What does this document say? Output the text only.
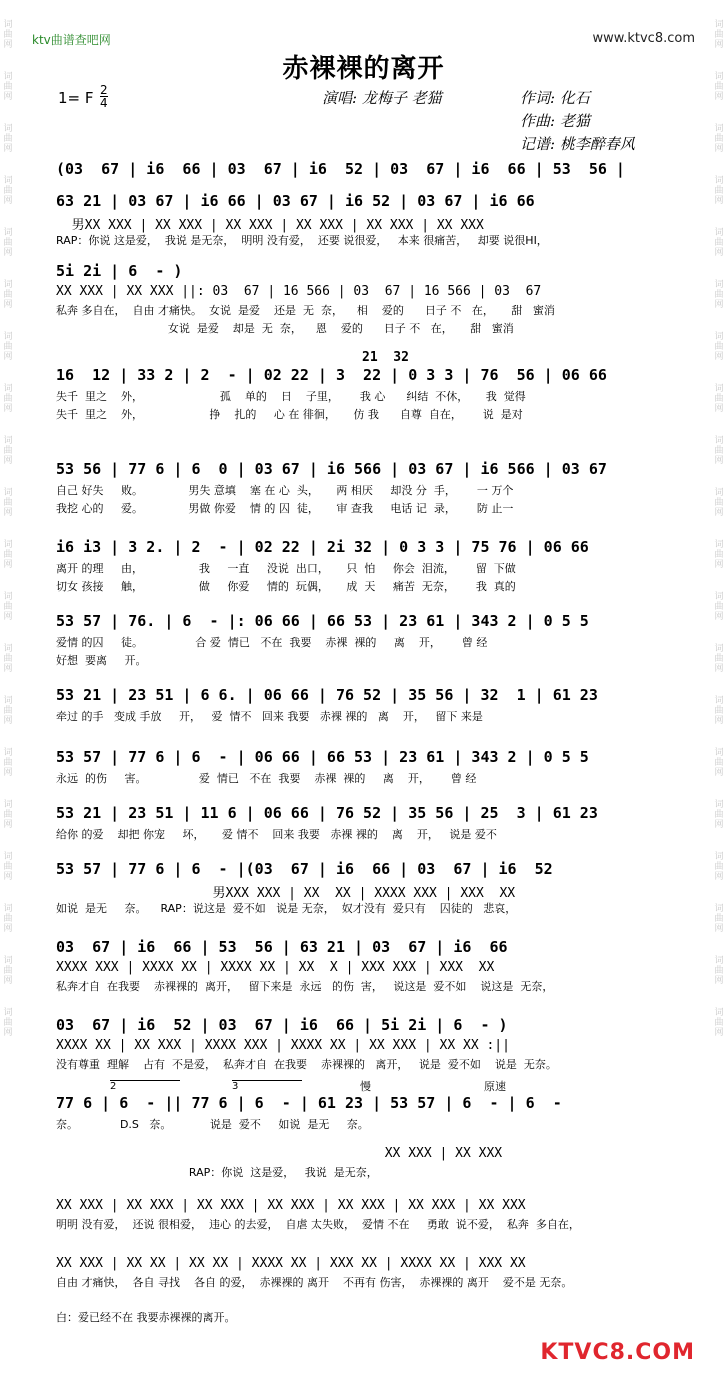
词曲网
词曲网
词曲网
词曲网
词曲网
词曲网
词曲网
词曲网
词曲网
词曲网
词曲网
词曲网
词曲网
词曲网
词曲网
词曲网
词曲网
词曲网
词曲网
词曲网
词曲网
词曲网
词曲网
词曲网
词曲网
词曲网
词曲网
词曲网
词曲网
词曲网
词曲网
词曲网
词曲网
词曲网
词曲网
词曲网
词曲网
词曲网
词曲网
词曲网
ktv曲谱查吧网	www.ktvc8.com
赤裸裸的离开
1= F 2
4	演唱: 龙梅子 老猫	作词: 化石
作曲: 老猫
记谱: 桃李醉春风
(03  67 | i6  66 | 03  67 | i6  52 | 03  67 | i6  66 | 53  56 |
63 21 | 03 67 | i6 66 | 03 67 | i6 52 | 03 67 | i6 66
男XX XXX | XX XXX | XX XXX | XX XXX | XX XXX | XX XXX
RAP：你说 这是爱，  我说 是无奈，  明明 没有爱，  还要 说很爱，   本来 很痛苦，   却要 说很HI，
5i 2i | 6  - )
XX XXX | XX XXX ||: 03  67 | 16 566 | 03  67 | 16 566 | 03  67
私奔 多自在，  自由 才痛快。  女说  是爱    还是  无  奈，    相    爱的      日子 不   在，     甜   蜜消
女说  是爱    却是  无  奈，    恩    爱的      日子 不   在，     甜   蜜消
21  32
16  12 | 33 2 | 2  - | 02 22 | 3  22 | 0 3 3 | 76  56 | 06 66
失千  里之    外，                      孤    单的    日    子里，      我 心      纠结  不休，     我  觉得
失千  里之    外，                   挣    扎的     心 在 徘徊，     仿 我      自尊  自在，      说  是对
53 56 | 77 6 | 6  0 | 03 67 | i6 566 | 03 67 | i6 566 | 03 67
自己 好失     败。             男失 意填    塞 在 心  头，     两 相厌     却没 分  手，      一 万个
我挖 心的     爱。             男做 你爱    情 的 囚  徒，     审 查我     电话 记  录，      防 止一
i6 i3 | 3 2. | 2  - | 02 22 | 2i 32 | 0 3 3 | 75 76 | 06 66
离开 的理     由，                我     一直     没说  出口，     只  怕     你会  泪流，      留  下做
切女 孩接     触，                做     你爱     情的  玩偶，     成  天     痛苦  无奈，      我  真的
53 57 | 76. | 6  - |: 06 66 | 66 53 | 23 61 | 343 2 | 0 5 5
爱情 的囚     徒。               合 爱  情已   不在  我要    赤裸  裸的     离    开，      曾 经
好想  要离     开。
53 21 | 23 51 | 6 6. | 06 66 | 76 52 | 35 56 | 32  1 | 61 23
牵过 的手   变成 手放     开，   爱  情不   回来 我要   赤裸 裸的   离    开，   留下 来是
53 57 | 77 6 | 6  - | 06 66 | 66 53 | 23 61 | 343 2 | 0 5 5
永远  的伤     害。               爱  情已   不在  我要    赤裸  裸的     离    开，      曾 经
53 21 | 23 51 | 11 6 | 06 66 | 76 52 | 35 56 | 25  3 | 61 23
给你 的爱    却把 你宠     坏，     爱 情不    回来 我要   赤裸 裸的    离    开，   说是 爱不
53 57 | 77 6 | 6  - |(03  67 | i6  66 | 03  67 | i6  52
男XXX XXX | XX  XX | XXXX XXX | XXX  XX
如说  是无     奈。    RAP：说这是  爱不如   说是 无奈，  奴才没有  爱只有    囚徒的   悲哀，
03  67 | i6  66 | 53  56 | 63 21 | 03  67 | i6  66
XXXX XXX | XXXX XX | XXXX XX | XX  X | XXX XXX | XXX  XX
私奔才自  在我要    赤裸裸的  离开，   留下来是  永远   的伤  害，   说这是  爱不如    说这是  无奈，
03  67 | i6  52 | 03  67 | i6  66 | 5i 2i | 6  - )
XXXX XX | XX XXX | XXXX XXX | XXXX XX | XX XXX | XX XX :||
没有尊重  理解    占有  不是爱，  私奔才自  在我要    赤裸裸的   离开，   说是  爱不如    说是  无奈。
2	3	慢	原速
77 6 | 6  - || 77 6 | 6  - | 61 23 | 53 57 | 6  - | 6  -
奈。            D.S   奈。           说是  爱不     如说  是无     奈。
XX XXX | XX XXX
RAP：你说  这是爱，   我说  是无奈，
XX XXX | XX XXX | XX XXX | XX XXX | XX XXX | XX XXX | XX XXX
明明 没有爱，  还说 很相爱，  违心 的去爱，  自虐 太失败，  爱情 不在     勇敢  说不爱，  私奔  多自在，
XX XXX | XX XX | XX XX | XXXX XX | XXX XX | XXXX XX | XXX XX
自由 才痛快，  各自 寻找    各自 的爱，  赤裸裸的 离开    不再有 伤害，  赤裸裸的 离开    爱不是 无奈。
白：爱已经不在 我要赤裸裸的离开。
KTVC8.COM
